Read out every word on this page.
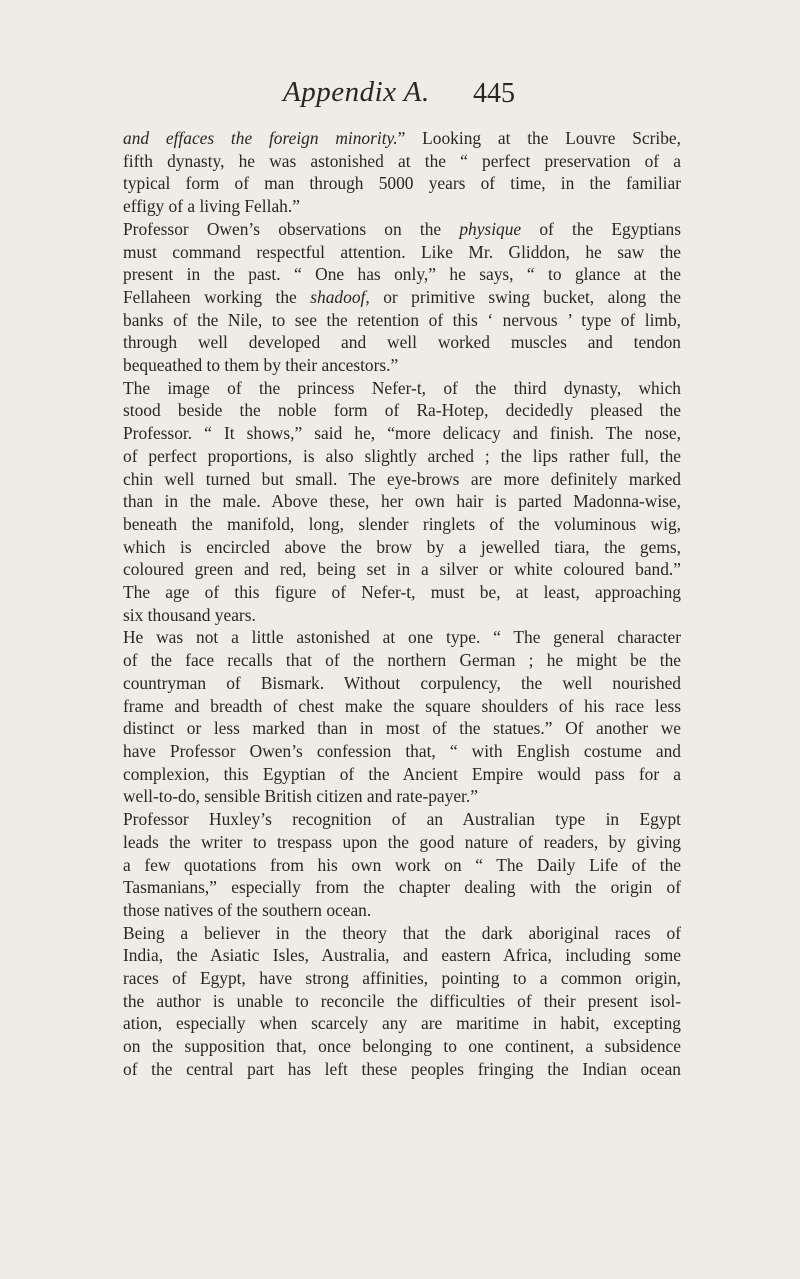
Appendix A. 445
and effaces the foreign minority.” Looking at the Louvre Scribe,
fifth dynasty, he was astonished at the “ perfect preservation of a
typical form of man through 5000 years of time, in the familiar
effigy of a living Fellah.”
Professor Owen’s observations on the physique of the Egyptians
must command respectful attention. Like Mr. Gliddon, he saw the
present in the past. “ One has only,” he says, “ to glance at the
Fellaheen working the shadoof, or primitive swing bucket, along the
banks of the Nile, to see the retention of this ‘ nervous ’ type of limb,
through well developed and well worked muscles and tendon
bequeathed to them by their ancestors.”
The image of the princess Nefer-t, of the third dynasty, which
stood beside the noble form of Ra-Hotep, decidedly pleased the
Professor. “ It shows,” said he, “more delicacy and finish. The nose,
of perfect proportions, is also slightly arched ; the lips rather full, the
chin well turned but small. The eye-brows are more definitely marked
than in the male. Above these, her own hair is parted Madonna-wise,
beneath the manifold, long, slender ringlets of the voluminous wig,
which is encircled above the brow by a jewelled tiara, the gems,
coloured green and red, being set in a silver or white coloured band.”
The age of this figure of Nefer-t, must be, at least, approaching
six thousand years.
He was not a little astonished at one type. “ The general character
of the face recalls that of the northern German ; he might be the
countryman of Bismark. Without corpulency, the well nourished
frame and breadth of chest make the square shoulders of his race less
distinct or less marked than in most of the statues.” Of another we
have Professor Owen’s confession that, “ with English costume and
complexion, this Egyptian of the Ancient Empire would pass for a
well-to-do, sensible British citizen and rate-payer.”
Professor Huxley’s recognition of an Australian type in Egypt
leads the writer to trespass upon the good nature of readers, by giving
a few quotations from his own work on “ The Daily Life of the
Tasmanians,” especially from the chapter dealing with the origin of
those natives of the southern ocean.
Being a believer in the theory that the dark aboriginal races of
India, the Asiatic Isles, Australia, and eastern Africa, including some
races of Egypt, have strong affinities, pointing to a common origin,
the author is unable to reconcile the difficulties of their present isol-
ation, especially when scarcely any are maritime in habit, excepting
on the supposition that, once belonging to one continent, a subsidence
of the central part has left these peoples fringing the Indian ocean
